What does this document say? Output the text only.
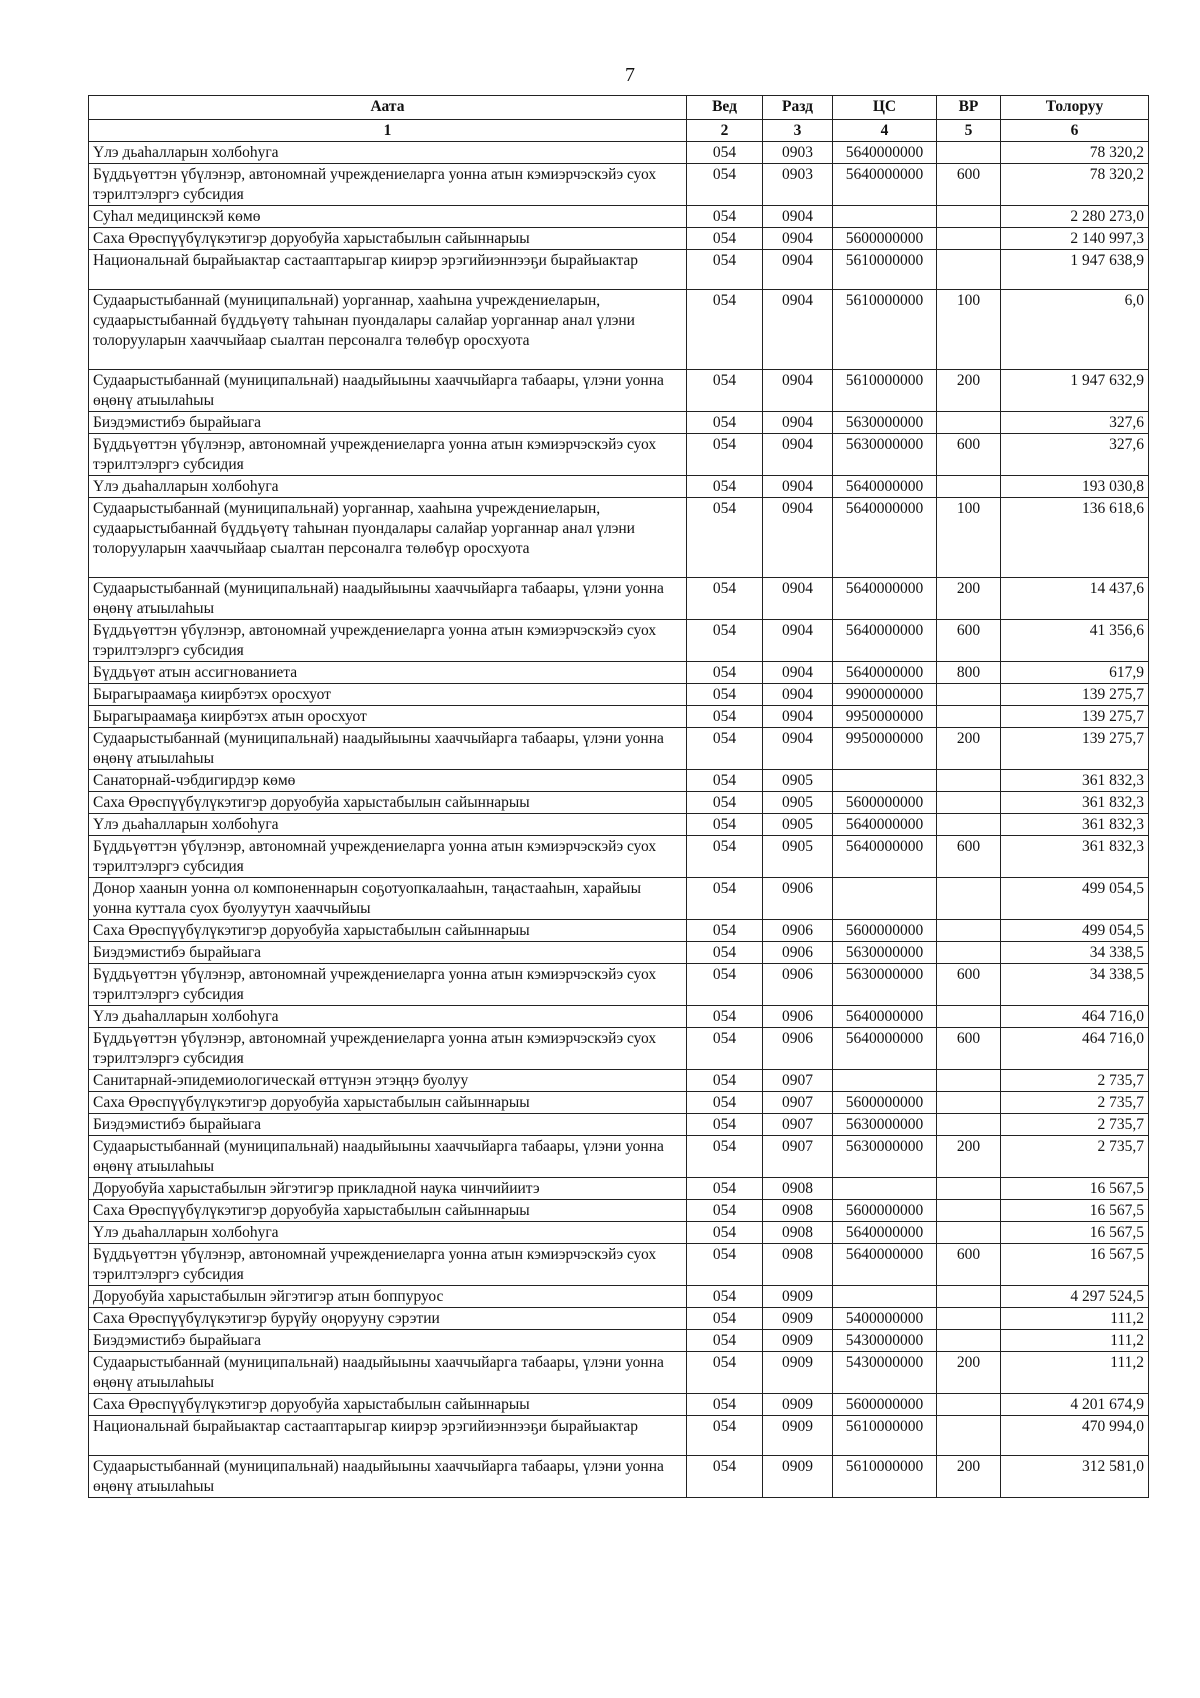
7
Аата	Вед	Разд	ЦС	ВР	Толоруу
1	2	3	4	5	6
Үлэ дьаhалларын холбоhуга	054	0903	5640000000		78 320,2
Бүддьүөттэн үбүлэнэр, автономнай учреждениеларга уонна атын кэмиэрчэскэйэ суох тэрилтэлэргэ субсидия	054	0903	5640000000	600	78 320,2
Суhал медицинскэй көмө	054	0904			2 280 273,0
Саха Өрөспүүбүлүкэтигэр доруобуйа харыстабылын сайыннарыы	054	0904	5600000000		2 140 997,3
Национальнай бырайыактар састааптарыгар киирэр эрэгийиэннээҕи бырайыактар	054	0904	5610000000		1 947 638,9
Судаарыстыбаннай (муниципальнай) уорганнар, хааhына учреждениеларын, судаарыстыбаннай бүддьүөтү таhынан пуондалары салайар уорганнар анал үлэни толорууларын хааччыйаар сыалтан персоналга төлөбүр оросхуота	054	0904	5610000000	100	6,0
Судаарыстыбаннай (муниципальнай) наадыйыыны хааччыйарга табаары, үлэни уонна өңөнү атыылаhыы	054	0904	5610000000	200	1 947 632,9
Биэдэмистибэ бырайыага	054	0904	5630000000		327,6
Бүддьүөттэн үбүлэнэр, автономнай учреждениеларга уонна атын кэмиэрчэскэйэ суох тэрилтэлэргэ субсидия	054	0904	5630000000	600	327,6
Үлэ дьаhалларын холбоhуга	054	0904	5640000000		193 030,8
Судаарыстыбаннай (муниципальнай) уорганнар, хааhына учреждениеларын, судаарыстыбаннай бүддьүөтү таhынан пуондалары салайар уорганнар анал үлэни толорууларын хааччыйаар сыалтан персоналга төлөбүр оросхуота	054	0904	5640000000	100	136 618,6
Судаарыстыбаннай (муниципальнай) наадыйыыны хааччыйарга табаары, үлэни уонна өңөнү атыылаhыы	054	0904	5640000000	200	14 437,6
Бүддьүөттэн үбүлэнэр, автономнай учреждениеларга уонна атын кэмиэрчэскэйэ суох тэрилтэлэргэ субсидия	054	0904	5640000000	600	41 356,6
Бүддьүөт атын ассигнованиета	054	0904	5640000000	800	617,9
Бырагыраамаҕа киирбэтэх оросхуот	054	0904	9900000000		139 275,7
Бырагыраамаҕа киирбэтэх атын оросхуот	054	0904	9950000000		139 275,7
Судаарыстыбаннай (муниципальнай) наадыйыыны хааччыйарга табаары, үлэни уонна өңөнү атыылаhыы	054	0904	9950000000	200	139 275,7
Санаторнай-чэбдигирдэр көмө	054	0905			361 832,3
Саха Өрөспүүбүлүкэтигэр доруобуйа харыстабылын сайыннарыы	054	0905	5600000000		361 832,3
Үлэ дьаhалларын холбоhуга	054	0905	5640000000		361 832,3
Бүддьүөттэн үбүлэнэр, автономнай учреждениеларга уонна атын кэмиэрчэскэйэ суох тэрилтэлэргэ субсидия	054	0905	5640000000	600	361 832,3
Донор хаанын уонна ол компоненнарын соҕотуопкалааhын, таңастааhын, харайыы уонна куттала суох буолуутун хааччыйыы	054	0906			499 054,5
Саха Өрөспүүбүлүкэтигэр доруобуйа харыстабылын сайыннарыы	054	0906	5600000000		499 054,5
Биэдэмистибэ бырайыага	054	0906	5630000000		34 338,5
Бүддьүөттэн үбүлэнэр, автономнай учреждениеларга уонна атын кэмиэрчэскэйэ суох тэрилтэлэргэ субсидия	054	0906	5630000000	600	34 338,5
Үлэ дьаhалларын холбоhуга	054	0906	5640000000		464 716,0
Бүддьүөттэн үбүлэнэр, автономнай учреждениеларга уонна атын кэмиэрчэскэйэ суох тэрилтэлэргэ субсидия	054	0906	5640000000	600	464 716,0
Санитарнай-эпидемиологическай өттүнэн этэңңэ буолуу	054	0907			2 735,7
Саха Өрөспүүбүлүкэтигэр доруобуйа харыстабылын сайыннарыы	054	0907	5600000000		2 735,7
Биэдэмистибэ бырайыага	054	0907	5630000000		2 735,7
Судаарыстыбаннай (муниципальнай) наадыйыыны хааччыйарга табаары, үлэни уонна өңөнү атыылаhыы	054	0907	5630000000	200	2 735,7
Доруобуйа харыстабылын эйгэтигэр прикладной наука чинчийиитэ	054	0908			16 567,5
Саха Өрөспүүбүлүкэтигэр доруобуйа харыстабылын сайыннарыы	054	0908	5600000000		16 567,5
Үлэ дьаhалларын холбоhуга	054	0908	5640000000		16 567,5
Бүддьүөттэн үбүлэнэр, автономнай учреждениеларга уонна атын кэмиэрчэскэйэ суох тэрилтэлэргэ субсидия	054	0908	5640000000	600	16 567,5
Доруобуйа харыстабылын эйгэтигэр атын боппуруос	054	0909			4 297 524,5
Саха Өрөспүүбүлүкэтигэр бурүйу оңорууну сэрэтии	054	0909	5400000000		111,2
Биэдэмистибэ бырайыага	054	0909	5430000000		111,2
Судаарыстыбаннай (муниципальнай) наадыйыыны хааччыйарга табаары, үлэни уонна өңөнү атыылаhыы	054	0909	5430000000	200	111,2
Саха Өрөспүүбүлүкэтигэр доруобуйа харыстабылын сайыннарыы	054	0909	5600000000		4 201 674,9
Национальнай бырайыактар састааптарыгар киирэр эрэгийиэннээҕи бырайыактар	054	0909	5610000000		470 994,0
Судаарыстыбаннай (муниципальнай) наадыйыыны хааччыйарга табаары, үлэни уонна өңөнү атыылаhыы	054	0909	5610000000	200	312 581,0
